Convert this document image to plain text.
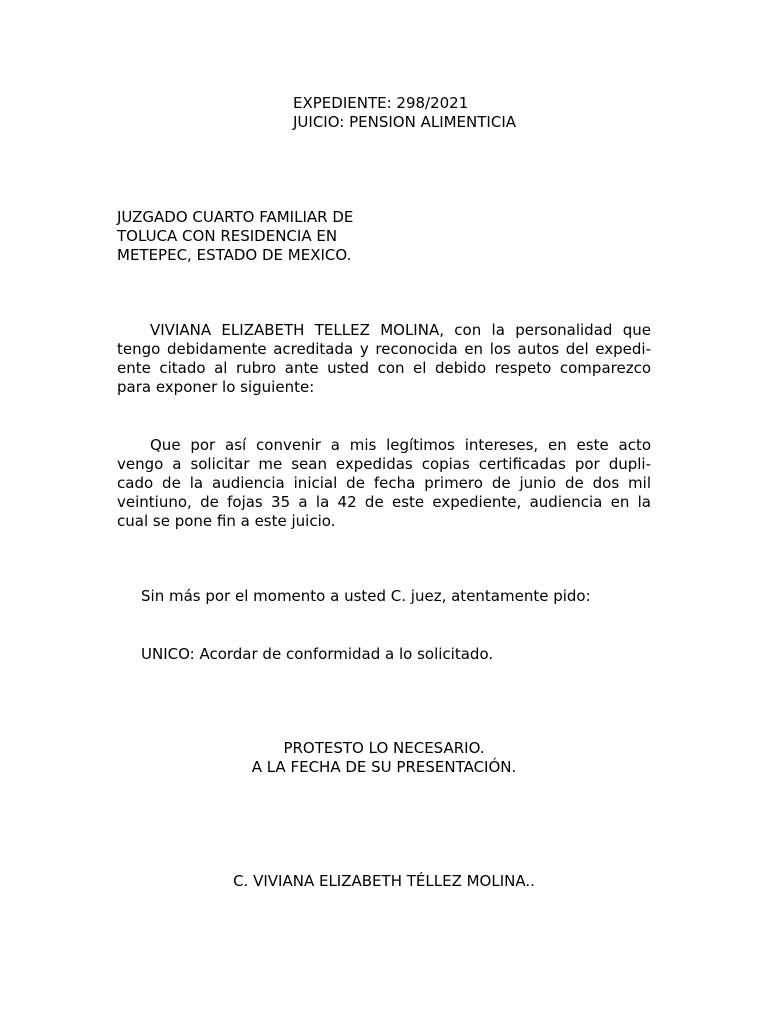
EXPEDIENTE: 298/2021
JUICIO: PENSION ALIMENTICIA
JUZGADO CUARTO FAMILIAR DE
TOLUCA CON RESIDENCIA EN
METEPEC, ESTADO DE MEXICO.
VIVIANA ELIZABETH TELLEZ MOLINA, con la personalidad que
tengo debidamente acreditada y reconocida en los autos del expedi-
ente citado al rubro ante usted con el debido respeto comparezco
para exponer lo siguiente:
Que por así convenir a mis legítimos intereses, en este acto
vengo a solicitar me sean expedidas copias certificadas por dupli-
cado de la audiencia inicial de fecha primero de junio de dos mil
veintiuno, de fojas 35 a la 42 de este expediente, audiencia en la
cual se pone fin a este juicio.
Sin más por el momento a usted C. juez, atentamente pido:
UNICO: Acordar de conformidad a lo solicitado.
PROTESTO LO NECESARIO.
A LA FECHA DE SU PRESENTACIÓN.
C. VIVIANA ELIZABETH TÉLLEZ MOLINA..
